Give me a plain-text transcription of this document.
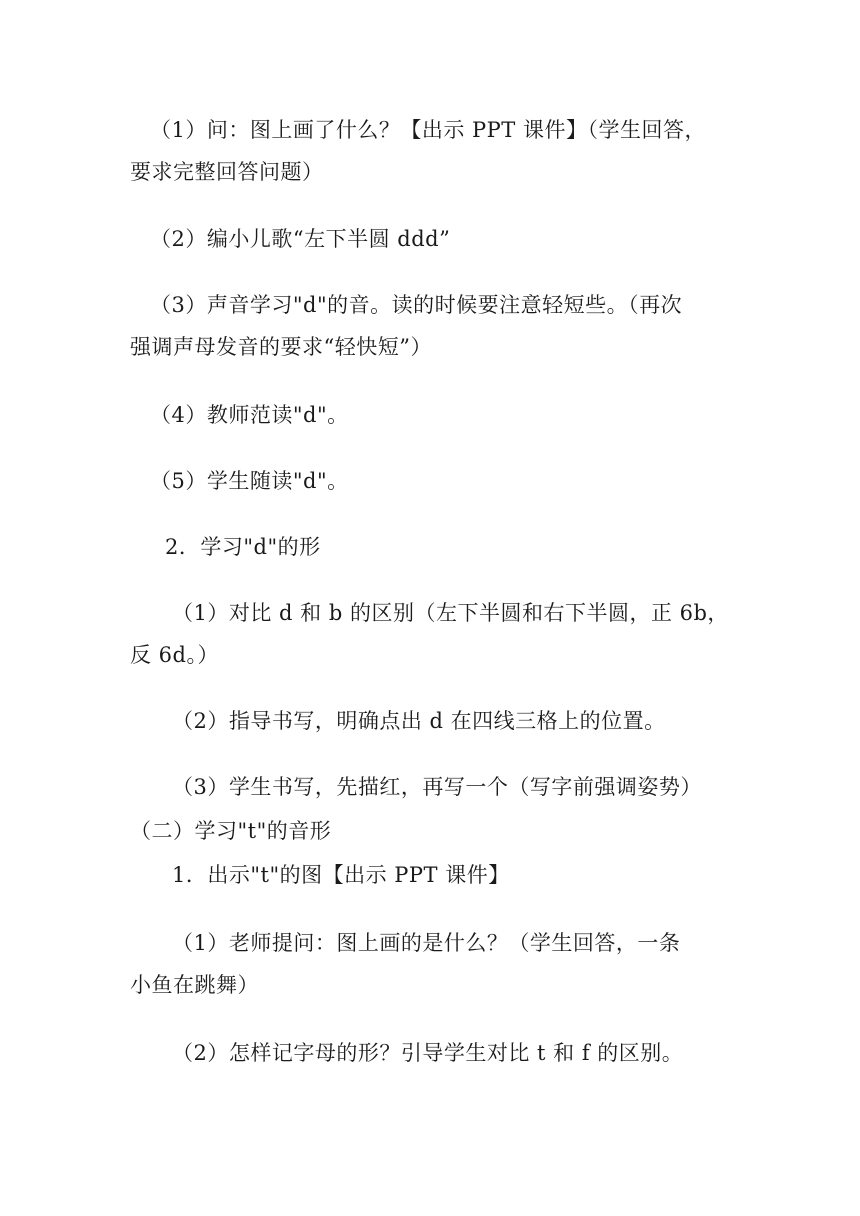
（1）问：图上画了什么？【出示 PPT 课件】（学生回答，
要求完整回答问题）
（2）编小儿歌“左下半圆 ddd”
（3）声音学习"d"的音。读的时候要注意轻短些。（再次
强调声母发音的要求“轻快短”）
（4）教师范读"d"。
（5）学生随读"d"。
2．学习"d"的形
（1）对比 d 和 b 的区别（左下半圆和右下半圆，正 6b，
反 6d。）
（2）指导书写，明确点出 d 在四线三格上的位置。
（3）学生书写，先描红，再写一个（写字前强调姿势）
（二）学习"t"的音形
1．出示"t"的图【出示 PPT 课件】
（1）老师提问：图上画的是什么？（学生回答，一条
小鱼在跳舞）
（2）怎样记字母的形？引导学生对比 t 和 f 的区别。
